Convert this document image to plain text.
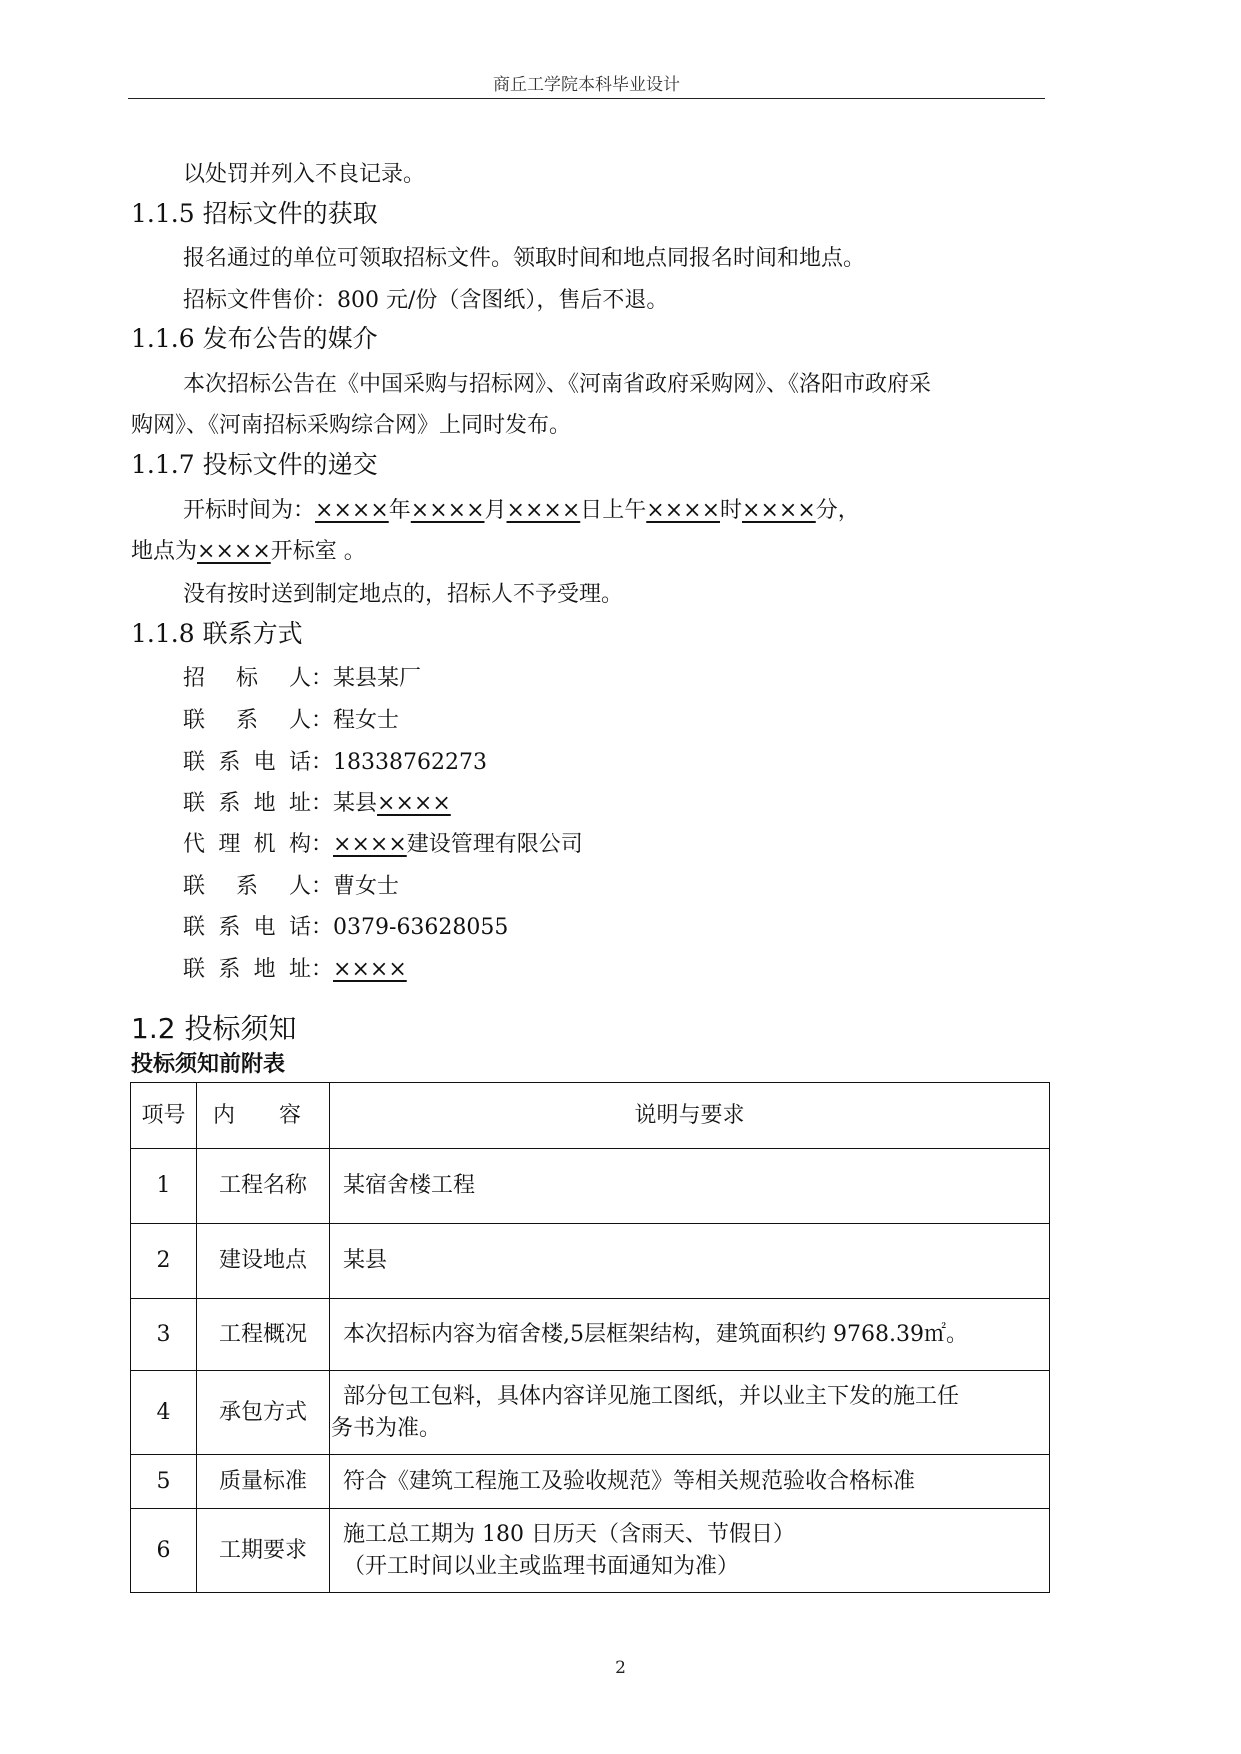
商丘工学院本科毕业设计
以处罚并列入不良记录。
1.1.5 招标文件的获取
报名通过的单位可领取招标文件。领取时间和地点同报名时间和地点。
招标文件售价：800 元/份（含图纸），售后不退。
1.1.6 发布公告的媒介
本次招标公告在《中国采购与招标网》、《河南省政府采购网》、《洛阳市政府采
购网》、《河南招标采购综合网》上同时发布。
1.1.7 投标文件的递交
开标时间为：××××年××××月××××日上午××××时××××分，
地点为××××开标室 。
没有按时送到制定地点的，招标人不予受理。
1.1.8 联系方式
招标人：某县某厂
联系人：程女士
联系电话：18338762273
联系地址：某县××××
代理机构：××××建设管理有限公司
联系人：曹女士
联系电话：0379-63628055
联系地址：××××
1.2 投标须知
投标须知前附表
项号	内　　容	说明与要求
1	工程名称	某宿舍楼工程
2	建设地点	某县
3	工程概况	本次招标内容为宿舍楼,5层框架结构，建筑面积约 9768.39㎡。
4	承包方式	部分包工包料，具体内容详见施工图纸，并以业主下发的施工任
务书为准。

5	质量标准	符合《建筑工程施工及验收规范》等相关规范验收合格标准
6	工期要求	施工总工期为 180 日历天（含雨天、节假日）
（开工时间以业主或监理书面通知为准）
2
